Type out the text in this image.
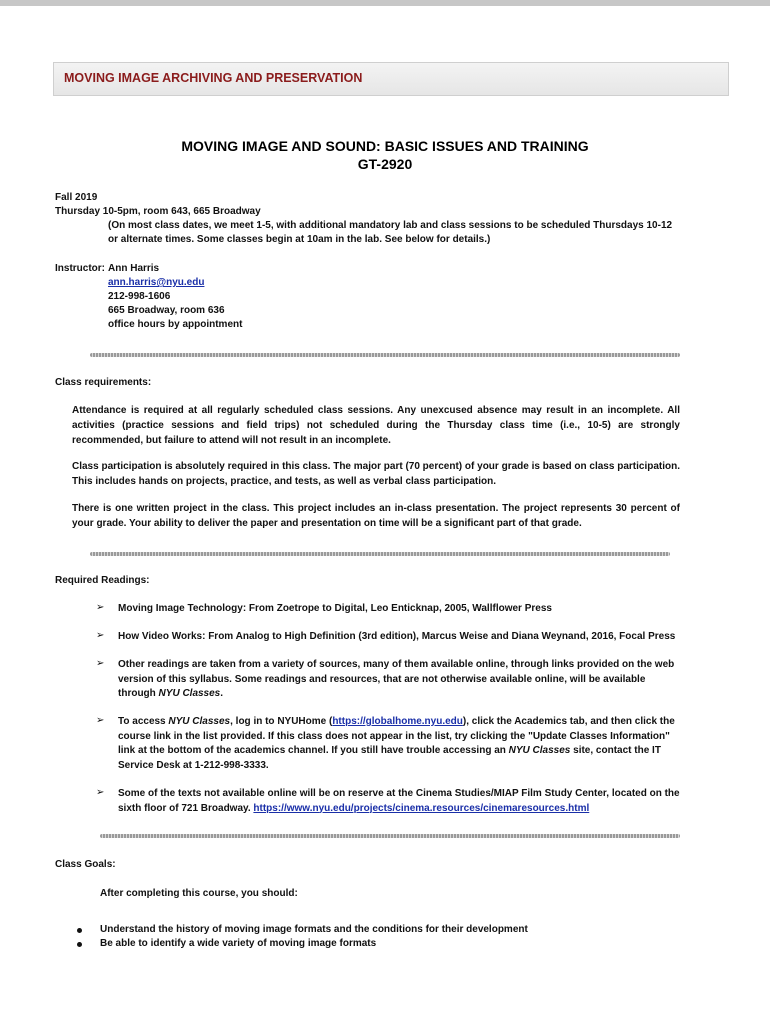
MOVING IMAGE ARCHIVING AND PRESERVATION
MOVING IMAGE AND SOUND: BASIC ISSUES AND TRAINING
GT-2920
Fall 2019
Thursday 10-5pm, room 643, 665 Broadway
(On most class dates, we meet 1-5, with additional mandatory lab and class sessions to be scheduled Thursdays 10-12
or alternate times. Some classes begin at 10am in the lab. See below for details.)
Instructor: Ann Harris
ann.harris@nyu.edu
212-998-1606
665 Broadway, room 636
office hours by appointment
Class requirements:
Attendance is required at all regularly scheduled class sessions. Any unexcused absence may result in an incomplete. All activities (practice sessions and field trips) not scheduled during the Thursday class time (i.e., 10-5) are strongly recommended, but failure to attend will not result in an incomplete.
Class participation is absolutely required in this class. The major part (70 percent) of your grade is based on class participation. This includes hands on projects, practice, and tests, as well as verbal class participation.
There is one written project in the class. This project includes an in-class presentation. The project represents 30 percent of your grade. Your ability to deliver the paper and presentation on time will be a significant part of that grade.
Required Readings:
➢ Moving Image Technology: From Zoetrope to Digital, Leo Enticknap, 2005, Wallflower Press
➢ How Video Works: From Analog to High Definition (3rd edition), Marcus Weise and Diana Weynand, 2016, Focal Press
➢ Other readings are taken from a variety of sources, many of them available online, through links provided on the web version of this syllabus. Some readings and resources, that are not otherwise available online, will be available through NYU Classes.
➢ To access NYU Classes, log in to NYUHome (https://globalhome.nyu.edu), click the Academics tab, and then click the course link in the list provided. If this class does not appear in the list, try clicking the "Update Classes Information" link at the bottom of the academics channel. If you still have trouble accessing an NYU Classes site, contact the IT Service Desk at 1-212-998-3333.
➢ Some of the texts not available online will be on reserve at the Cinema Studies/MIAP Film Study Center, located on the sixth floor of 721 Broadway. https://www.nyu.edu/projects/cinema.resources/cinemaresources.html
Class Goals:
After completing this course, you should:
Understand the history of moving image formats and the conditions for their development
Be able to identify a wide variety of moving image formats
